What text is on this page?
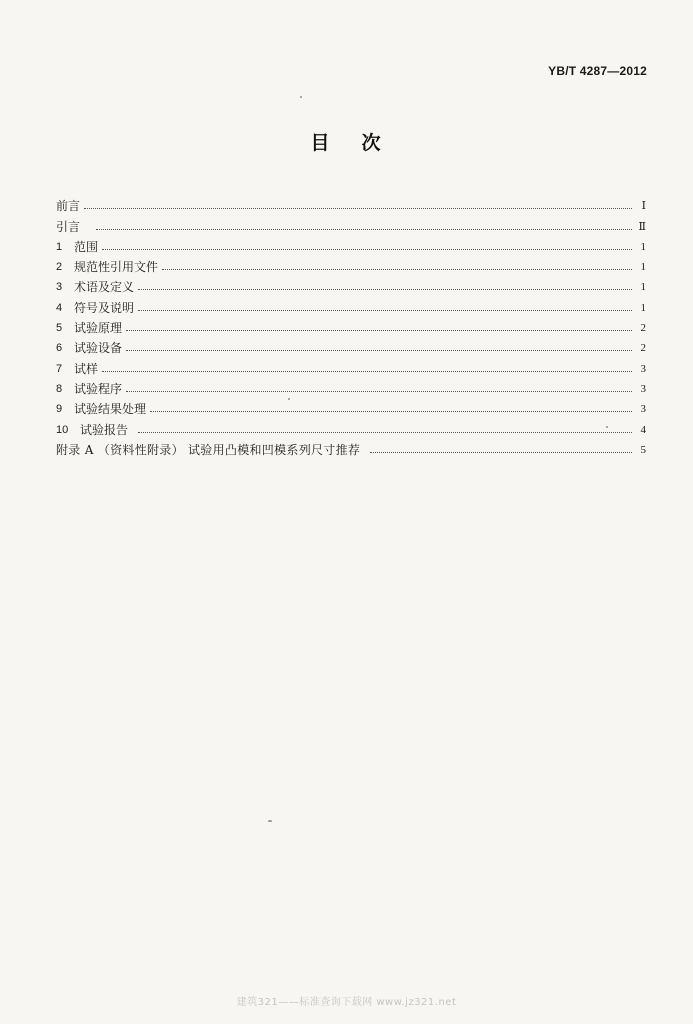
YB/T 4287—2012
目次
前言	Ⅰ
引言	Ⅱ
1 范围	1
2 规范性引用文件	1
3 术语及定义	1
4 符号及说明	1
5 试验原理	2
6 试验设备	2
7 试样	3
8 试验程序	3
9 试验结果处理	3
10 试验报告	4
附录 A （资料性附录） 试验用凸模和凹模系列尺寸推荐	5
建筑321——标准查询下载网 www.jz321.net
